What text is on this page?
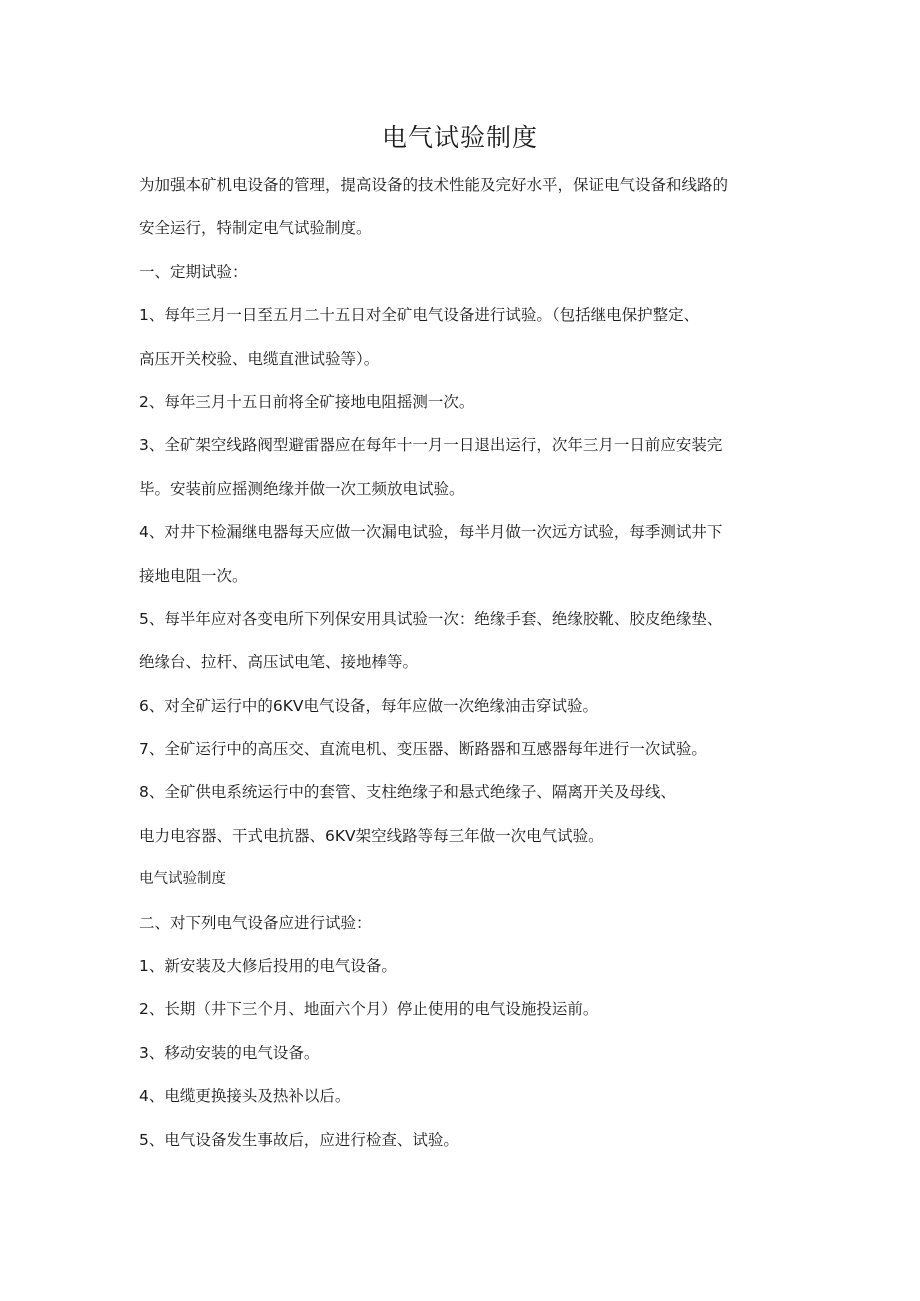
电气试验制度
为加强本矿机电设备的管理，提高设备的技术性能及完好水平，保证电气设备和线路的
安全运行，特制定电气试验制度。
一、定期试验：
1、每年三月一日至五月二十五日对全矿电气设备进行试验。（包括继电保护整定、
高压开关校验、电缆直泄试验等）。
2、每年三月十五日前将全矿接地电阻摇测一次。
3、全矿架空线路阀型避雷器应在每年十一月一日退出运行，次年三月一日前应安装完
毕。安装前应摇测绝缘并做一次工频放电试验。
4、对井下检漏继电器每天应做一次漏电试验，每半月做一次远方试验，每季测试井下
接地电阻一次。
5、每半年应对各变电所下列保安用具试验一次：绝缘手套、绝缘胶靴、胶皮绝缘垫、
绝缘台、拉杆、高压试电笔、接地棒等。
6、对全矿运行中的6KV电气设备，每年应做一次绝缘油击穿试验。
7、全矿运行中的高压交、直流电机、变压器、断路器和互感器每年进行一次试验。
8、全矿供电系统运行中的套管、支柱绝缘子和悬式绝缘子、隔离开关及母线、
电力电容器、干式电抗器、6KV架空线路等每三年做一次电气试验。
电气试验制度
二、对下列电气设备应进行试验：
1、新安装及大修后投用的电气设备。
2、长期（井下三个月、地面六个月）停止使用的电气设施投运前。
3、移动安装的电气设备。
4、电缆更换接头及热补以后。
5、电气设备发生事故后，应进行检查、试验。
